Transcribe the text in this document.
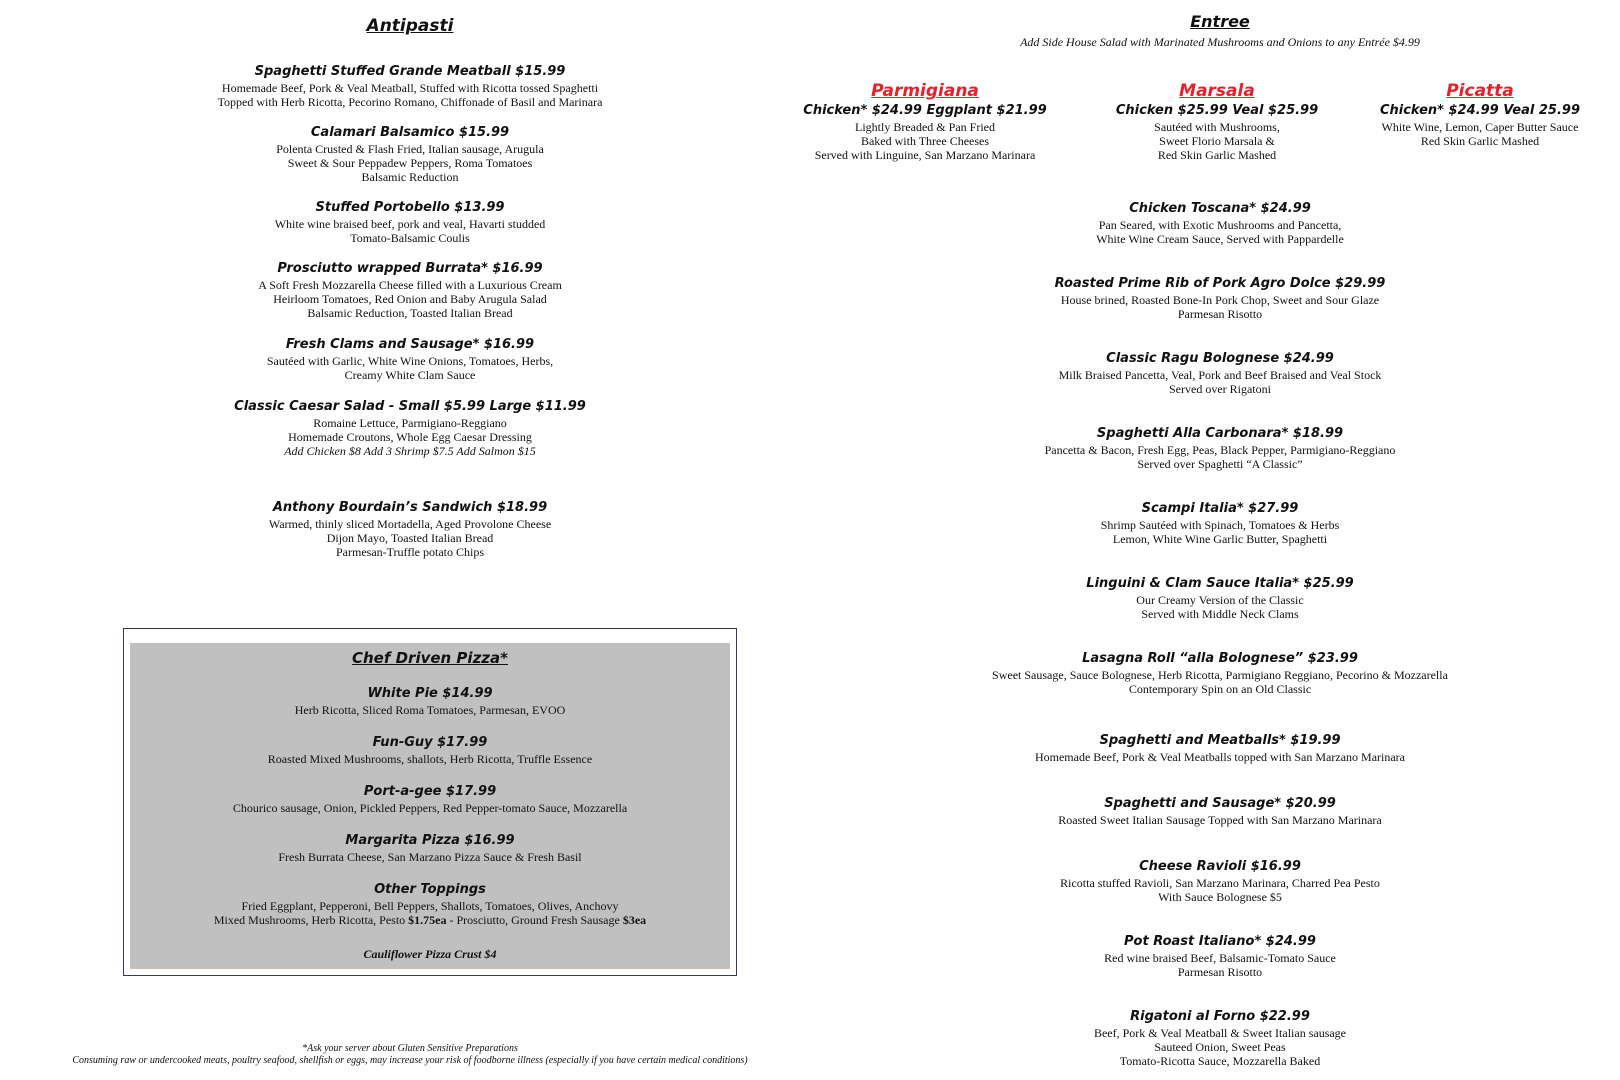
Antipasti
Spaghetti Stuffed Grande Meatball $15.99
Homemade Beef, Pork & Veal Meatball, Stuffed with Ricotta tossed Spaghetti
Topped with Herb Ricotta, Pecorino Romano, Chiffonade of Basil and Marinara
Calamari Balsamico $15.99
Polenta Crusted & Flash Fried, Italian sausage, Arugula
Sweet & Sour Peppadew Peppers, Roma Tomatoes
Balsamic Reduction
Stuffed Portobello $13.99
White wine braised beef, pork and veal, Havarti studded
Tomato-Balsamic Coulis
Prosciutto wrapped Burrata* $16.99
A Soft Fresh Mozzarella Cheese filled with a Luxurious Cream
Heirloom Tomatoes, Red Onion and Baby Arugula Salad
Balsamic Reduction, Toasted Italian Bread
Fresh Clams and Sausage* $16.99
Sautéed with Garlic, White Wine Onions, Tomatoes, Herbs,
Creamy White Clam Sauce
Classic Caesar Salad - Small $5.99 Large $11.99
Romaine Lettuce, Parmigiano-Reggiano
Homemade Croutons, Whole Egg Caesar Dressing
Add Chicken $8 Add 3 Shrimp $7.5 Add Salmon $15
Anthony Bourdain’s Sandwich $18.99
Warmed, thinly sliced Mortadella, Aged Provolone Cheese
Dijon Mayo, Toasted Italian Bread
Parmesan-Truffle potato Chips
Chef Driven Pizza*
White Pie $14.99
Herb Ricotta, Sliced Roma Tomatoes, Parmesan, EVOO
Fun-Guy $17.99
Roasted Mixed Mushrooms, shallots, Herb Ricotta, Truffle Essence
Port-a-gee $17.99
Chourico sausage, Onion, Pickled Peppers, Red Pepper-tomato Sauce, Mozzarella
Margarita Pizza $16.99
Fresh Burrata Cheese, San Marzano Pizza Sauce & Fresh Basil
Other Toppings
Fried Eggplant, Pepperoni, Bell Peppers, Shallots, Tomatoes, Olives, Anchovy
Mixed Mushrooms, Herb Ricotta, Pesto $1.75ea - Prosciutto, Ground Fresh Sausage $3ea
Cauliflower Pizza Crust $4
*Ask your server about Gluten Sensitive Preparations
Consuming raw or undercooked meats, poultry seafood, shellfish or eggs, may increase your risk of foodborne illness (especially if you have certain medical conditions)
Entree
Add Side House Salad with Marinated Mushrooms and Onions to any Entrée $4.99
Parmigiana
Chicken* $24.99 Eggplant $21.99
Lightly Breaded & Pan Fried
Baked with Three Cheeses
Served with Linguine, San Marzano Marinara
Marsala
Chicken $25.99 Veal $25.99
Sautéed with Mushrooms,
Sweet Florio Marsala &
Red Skin Garlic Mashed
Picatta
Chicken* $24.99 Veal 25.99
White Wine, Lemon, Caper Butter Sauce
Red Skin Garlic Mashed
Chicken Toscana* $24.99
Pan Seared, with Exotic Mushrooms and Pancetta,
White Wine Cream Sauce, Served with Pappardelle
Roasted Prime Rib of Pork Agro Dolce $29.99
House brined, Roasted Bone-In Pork Chop, Sweet and Sour Glaze
Parmesan Risotto
Classic Ragu Bolognese $24.99
Milk Braised Pancetta, Veal, Pork and Beef Braised and Veal Stock
Served over Rigatoni
Spaghetti Alla Carbonara* $18.99
Pancetta & Bacon, Fresh Egg, Peas, Black Pepper, Parmigiano-Reggiano
Served over Spaghetti “A Classic”
Scampi Italia* $27.99
Shrimp Sautéed with Spinach, Tomatoes & Herbs
Lemon, White Wine Garlic Butter, Spaghetti
Linguini & Clam Sauce Italia* $25.99
Our Creamy Version of the Classic
Served with Middle Neck Clams
Lasagna Roll “alla Bolognese” $23.99
Sweet Sausage, Sauce Bolognese, Herb Ricotta, Parmigiano Reggiano, Pecorino & Mozzarella
Contemporary Spin on an Old Classic
Spaghetti and Meatballs* $19.99
Homemade Beef, Pork & Veal Meatballs topped with San Marzano Marinara
Spaghetti and Sausage* $20.99
Roasted Sweet Italian Sausage Topped with San Marzano Marinara
Cheese Ravioli $16.99
Ricotta stuffed Ravioli, San Marzano Marinara, Charred Pea Pesto
With Sauce Bolognese $5
Pot Roast Italiano* $24.99
Red wine braised Beef, Balsamic-Tomato Sauce
Parmesan Risotto
Rigatoni al Forno $22.99
Beef, Pork & Veal Meatball & Sweet Italian sausage
Sauteed Onion, Sweet Peas
Tomato-Ricotta Sauce, Mozzarella Baked
